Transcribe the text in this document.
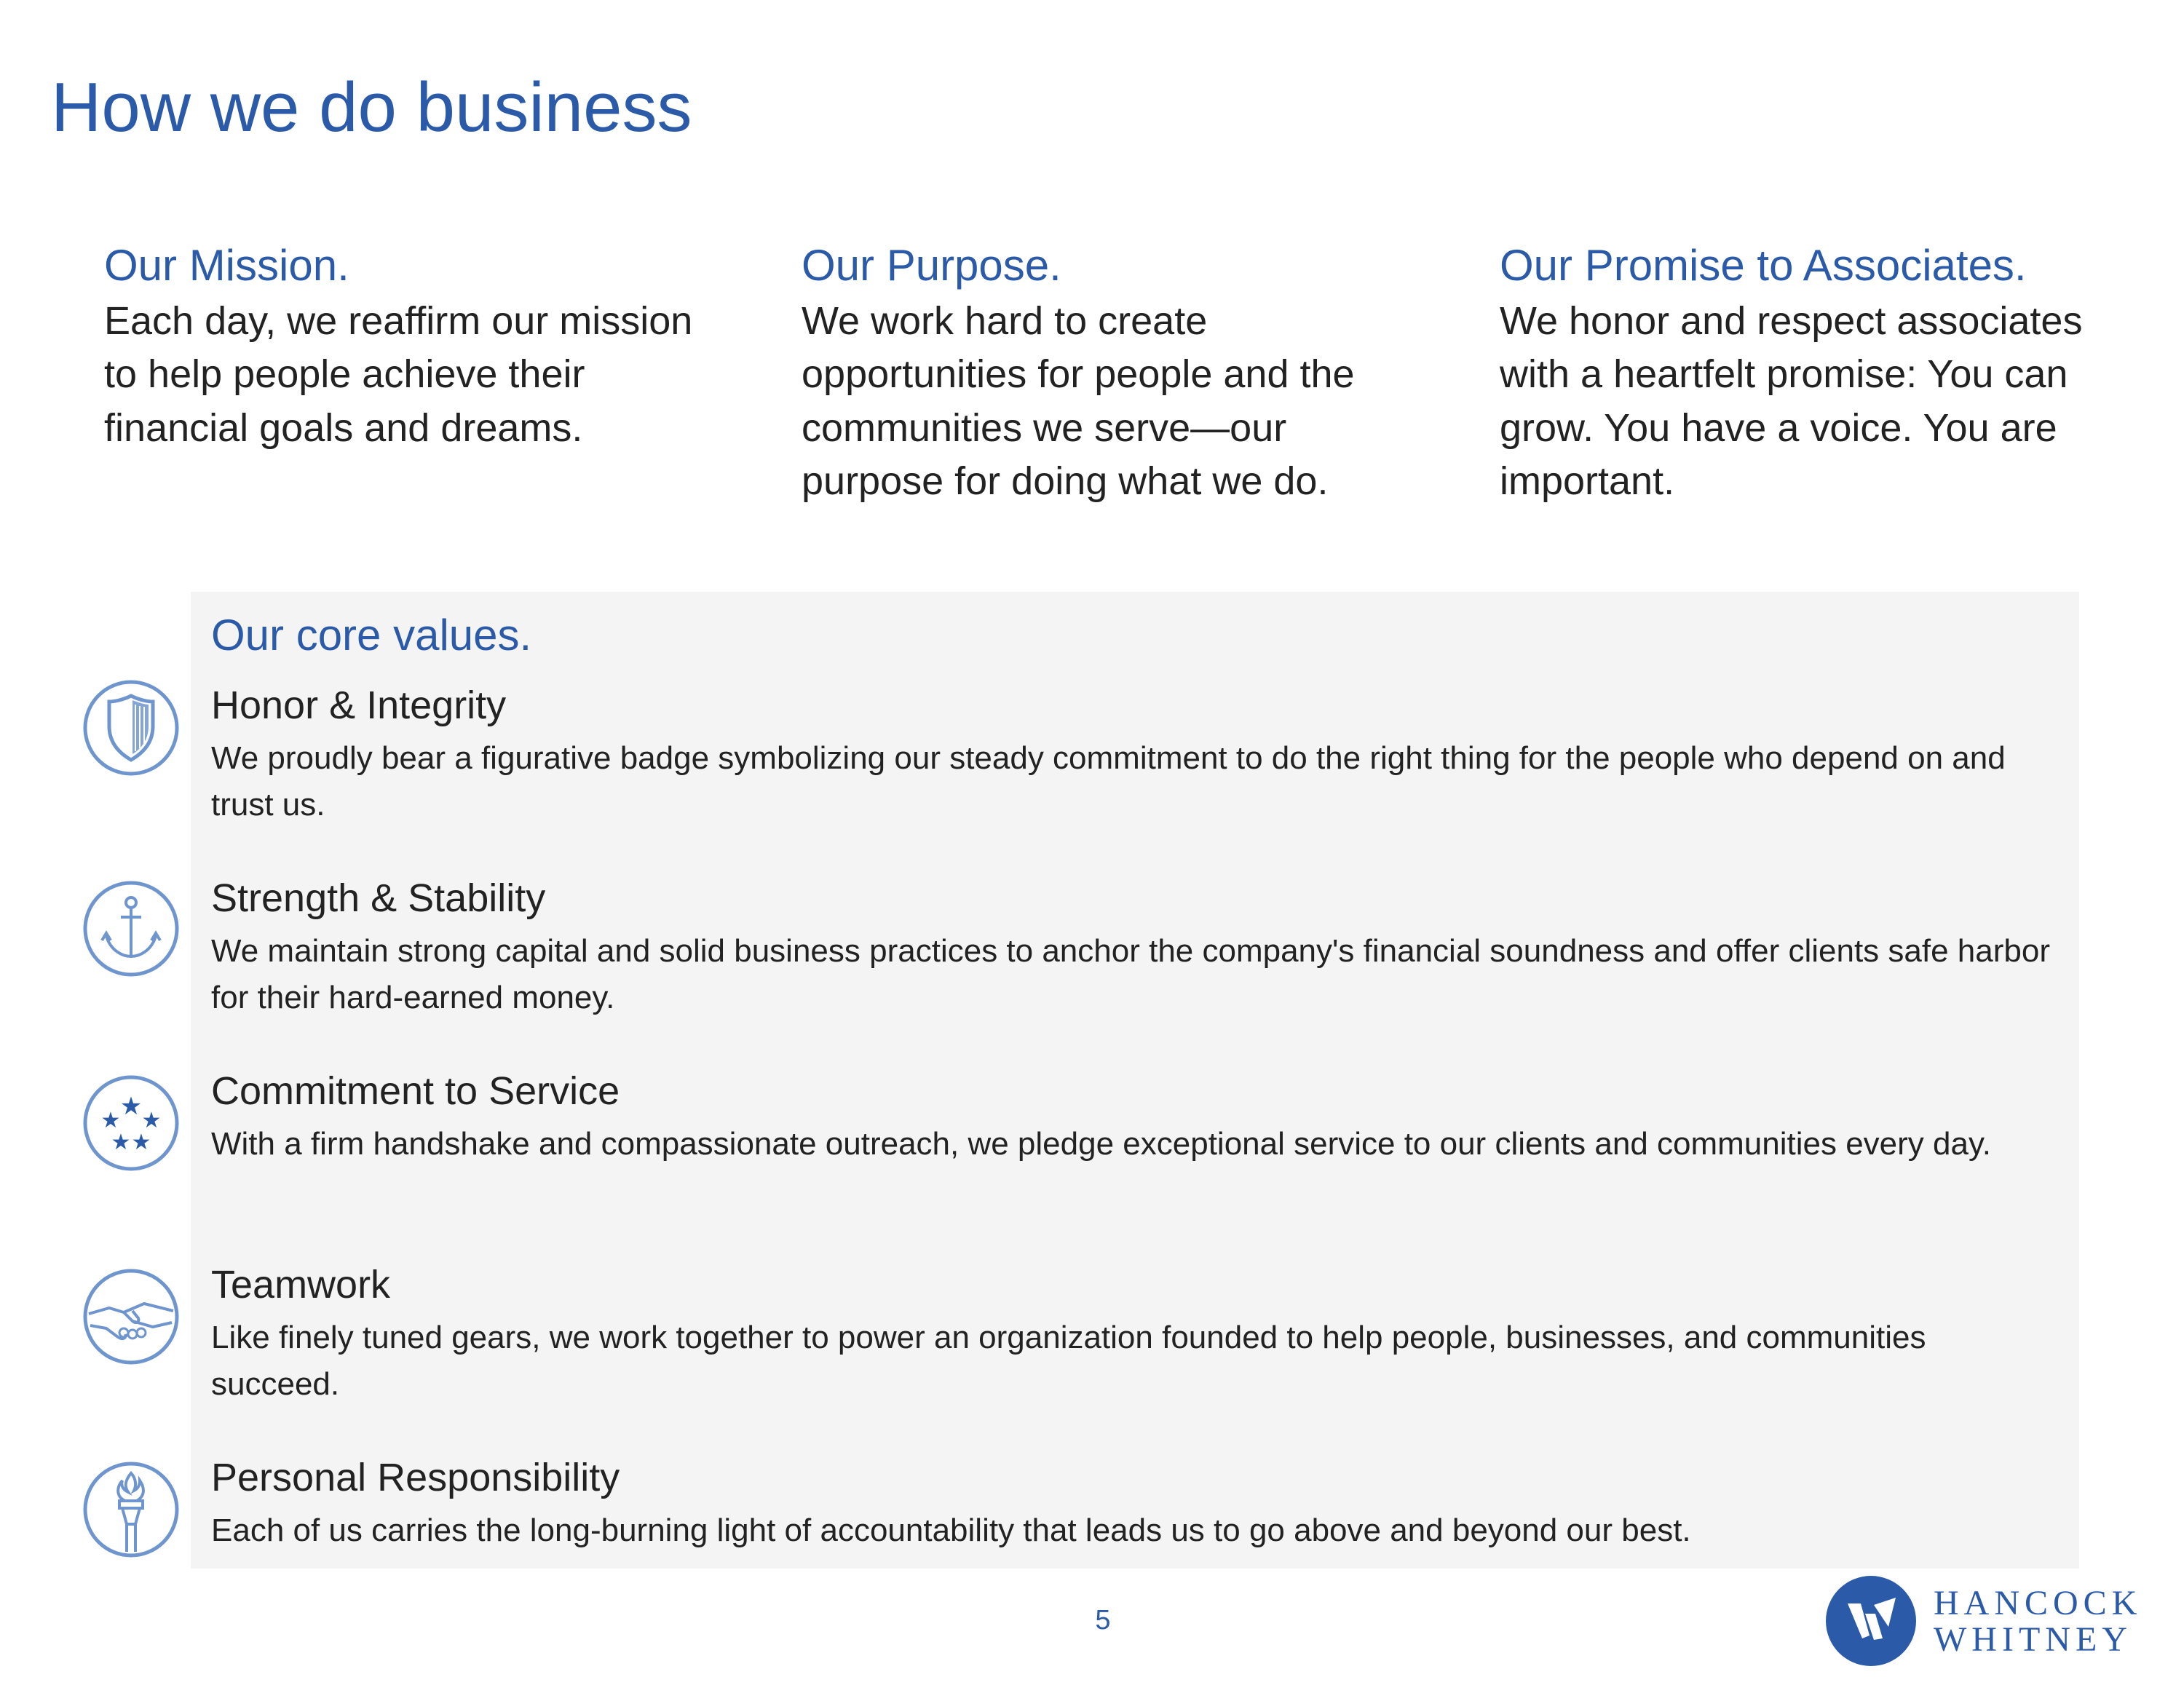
How we do business
Our Mission.

Each day, we reaffirm our mission to help people achieve their financial goals and dreams.

Our Purpose.

We work hard to create opportunities for people and the communities we serve—our purpose for doing what we do.

Our Promise to Associates.

We honor and respect associates with a heartfelt promise: You can grow. You have a voice. You are important.

Our core values.
Honor & Integrity

We proudly bear a figurative badge symbolizing our steady commitment to do the right thing for the people who depend on and trust us.

Strength & Stability

We maintain strong capital and solid business practices to anchor the company's financial soundness and offer clients safe harbor for their hard-earned money.

★
★ ★
★ ★
Commitment to Service

With a firm handshake and compassionate outreach, we pledge exceptional service to our clients and communities every day.

Teamwork

Like finely tuned gears, we work together to power an organization founded to help people, businesses, and communities succeed.

Personal Responsibility

Each of us carries the long-burning light of accountability that leads us to go above and beyond our best.

5	HANCOCK
WHITNEY
